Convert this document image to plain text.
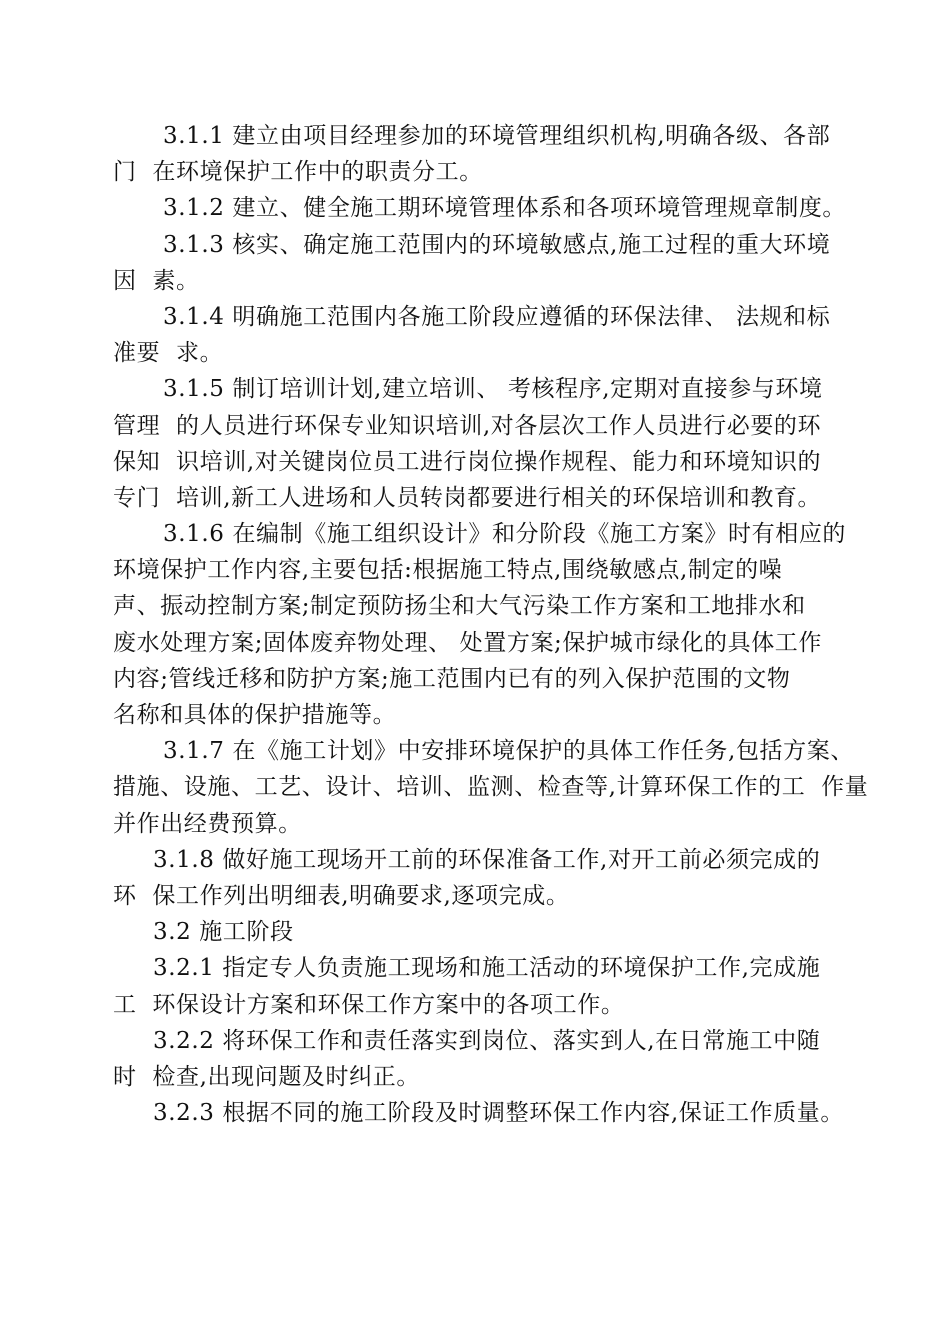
3.1.1 建立由项目经理参加的环境管理组织机构,明确各级、各部
门  在环境保护工作中的职责分工。
3.1.2 建立、健全施工期环境管理体系和各项环境管理规章制度。
3.1.3 核实、确定施工范围内的环境敏感点,施工过程的重大环境
因  素。
3.1.4 明确施工范围内各施工阶段应遵循的环保法律、 法规和标
准要  求。
3.1.5 制订培训计划,建立培训、 考核程序,定期对直接参与环境
管理  的人员进行环保专业知识培训,对各层次工作人员进行必要的环
保知  识培训,对关键岗位员工进行岗位操作规程、能力和环境知识的
专门  培训,新工人进场和人员转岗都要进行相关的环保培训和教育。
3.1.6 在编制《施工组织设计》和分阶段《施工方案》时有相应的
环境保护工作内容,主要包括:根据施工特点,围绕敏感点,制定的噪
声、振动控制方案;制定预防扬尘和大气污染工作方案和工地排水和
废水处理方案;固体废弃物处理、 处置方案;保护城市绿化的具体工作
内容;管线迁移和防护方案;施工范围内已有的列入保护范围的文物
名称和具体的保护措施等。
3.1.7 在《施工计划》中安排环境保护的具体工作任务,包括方案、
措施、设施、工艺、设计、培训、监测、检查等,计算环保工作的工  作量
并作出经费预算。
3.1.8 做好施工现场开工前的环保准备工作,对开工前必须完成的
环  保工作列出明细表,明确要求,逐项完成。
3.2 施工阶段
3.2.1 指定专人负责施工现场和施工活动的环境保护工作,完成施
工  环保设计方案和环保工作方案中的各项工作。
3.2.2 将环保工作和责任落实到岗位、落实到人,在日常施工中随
时  检查,出现问题及时纠正。
3.2.3 根据不同的施工阶段及时调整环保工作内容,保证工作质量。
